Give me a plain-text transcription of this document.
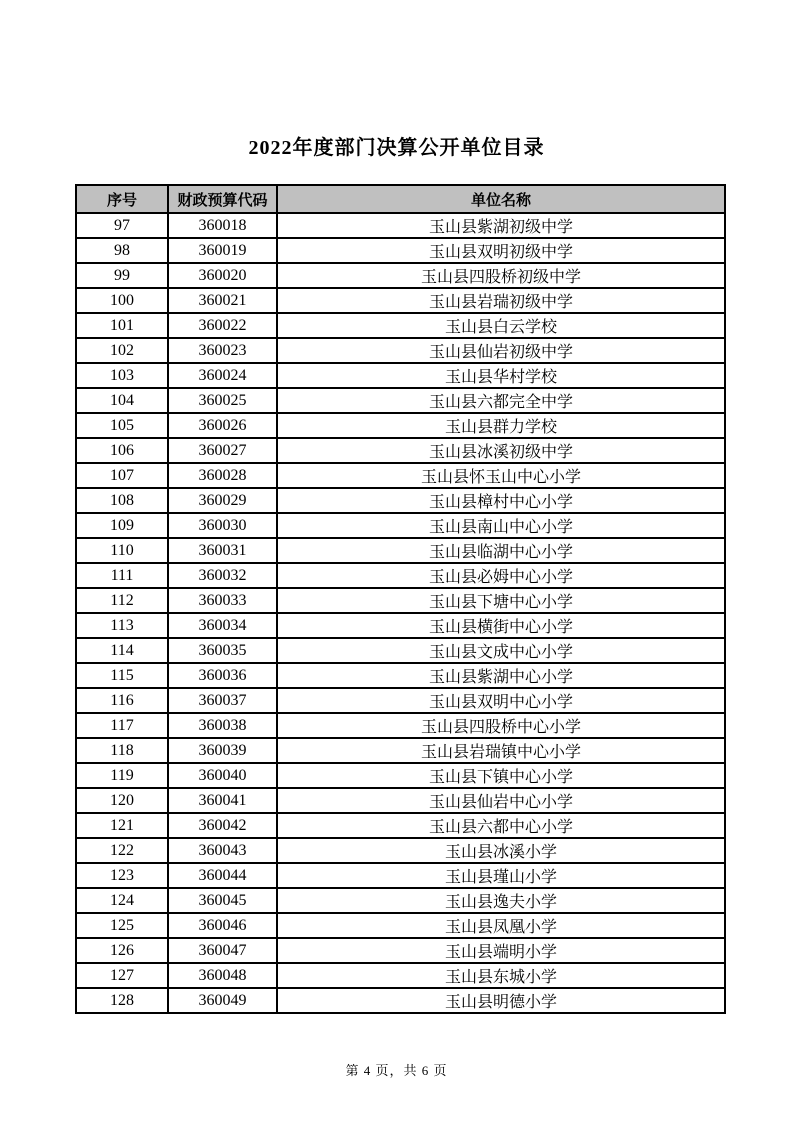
2022年度部门决算公开单位目录
序号	财政预算代码	单位名称
97	360018	玉山县紫湖初级中学
98	360019	玉山县双明初级中学
99	360020	玉山县四股桥初级中学
100	360021	玉山县岩瑞初级中学
101	360022	玉山县白云学校
102	360023	玉山县仙岩初级中学
103	360024	玉山县华村学校
104	360025	玉山县六都完全中学
105	360026	玉山县群力学校
106	360027	玉山县冰溪初级中学
107	360028	玉山县怀玉山中心小学
108	360029	玉山县樟村中心小学
109	360030	玉山县南山中心小学
110	360031	玉山县临湖中心小学
111	360032	玉山县必姆中心小学
112	360033	玉山县下塘中心小学
113	360034	玉山县横街中心小学
114	360035	玉山县文成中心小学
115	360036	玉山县紫湖中心小学
116	360037	玉山县双明中心小学
117	360038	玉山县四股桥中心小学
118	360039	玉山县岩瑞镇中心小学
119	360040	玉山县下镇中心小学
120	360041	玉山县仙岩中心小学
121	360042	玉山县六都中心小学
122	360043	玉山县冰溪小学
123	360044	玉山县瑾山小学
124	360045	玉山县逸夫小学
125	360046	玉山县凤凰小学
126	360047	玉山县端明小学
127	360048	玉山县东城小学
128	360049	玉山县明德小学
第 4 页，共 6 页
